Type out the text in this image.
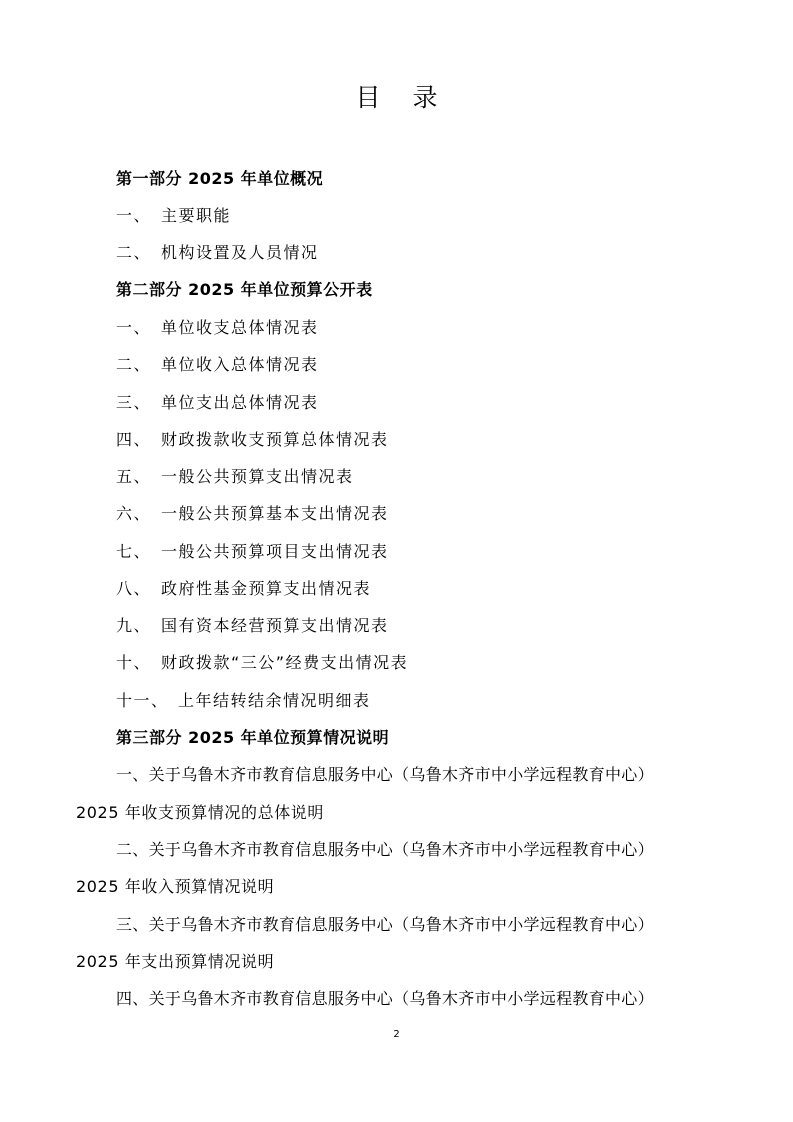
目 录
第一部分 2025 年单位概况
一、 主要职能
二、 机构设置及人员情况
第二部分 2025 年单位预算公开表
一、 单位收支总体情况表
二、 单位收入总体情况表
三、 单位支出总体情况表
四、 财政拨款收支预算总体情况表
五、 一般公共预算支出情况表
六、 一般公共预算基本支出情况表
七、 一般公共预算项目支出情况表
八、 政府性基金预算支出情况表
九、 国有资本经营预算支出情况表
十、 财政拨款“三公”经费支出情况表
十一、 上年结转结余情况明细表
第三部分 2025 年单位预算情况说明
一、关于乌鲁木齐市教育信息服务中心（乌鲁木齐市中小学远程教育中心）
2025 年收支预算情况的总体说明
二、关于乌鲁木齐市教育信息服务中心（乌鲁木齐市中小学远程教育中心）
2025 年收入预算情况说明
三、关于乌鲁木齐市教育信息服务中心（乌鲁木齐市中小学远程教育中心）
2025 年支出预算情况说明
四、关于乌鲁木齐市教育信息服务中心（乌鲁木齐市中小学远程教育中心）
2
